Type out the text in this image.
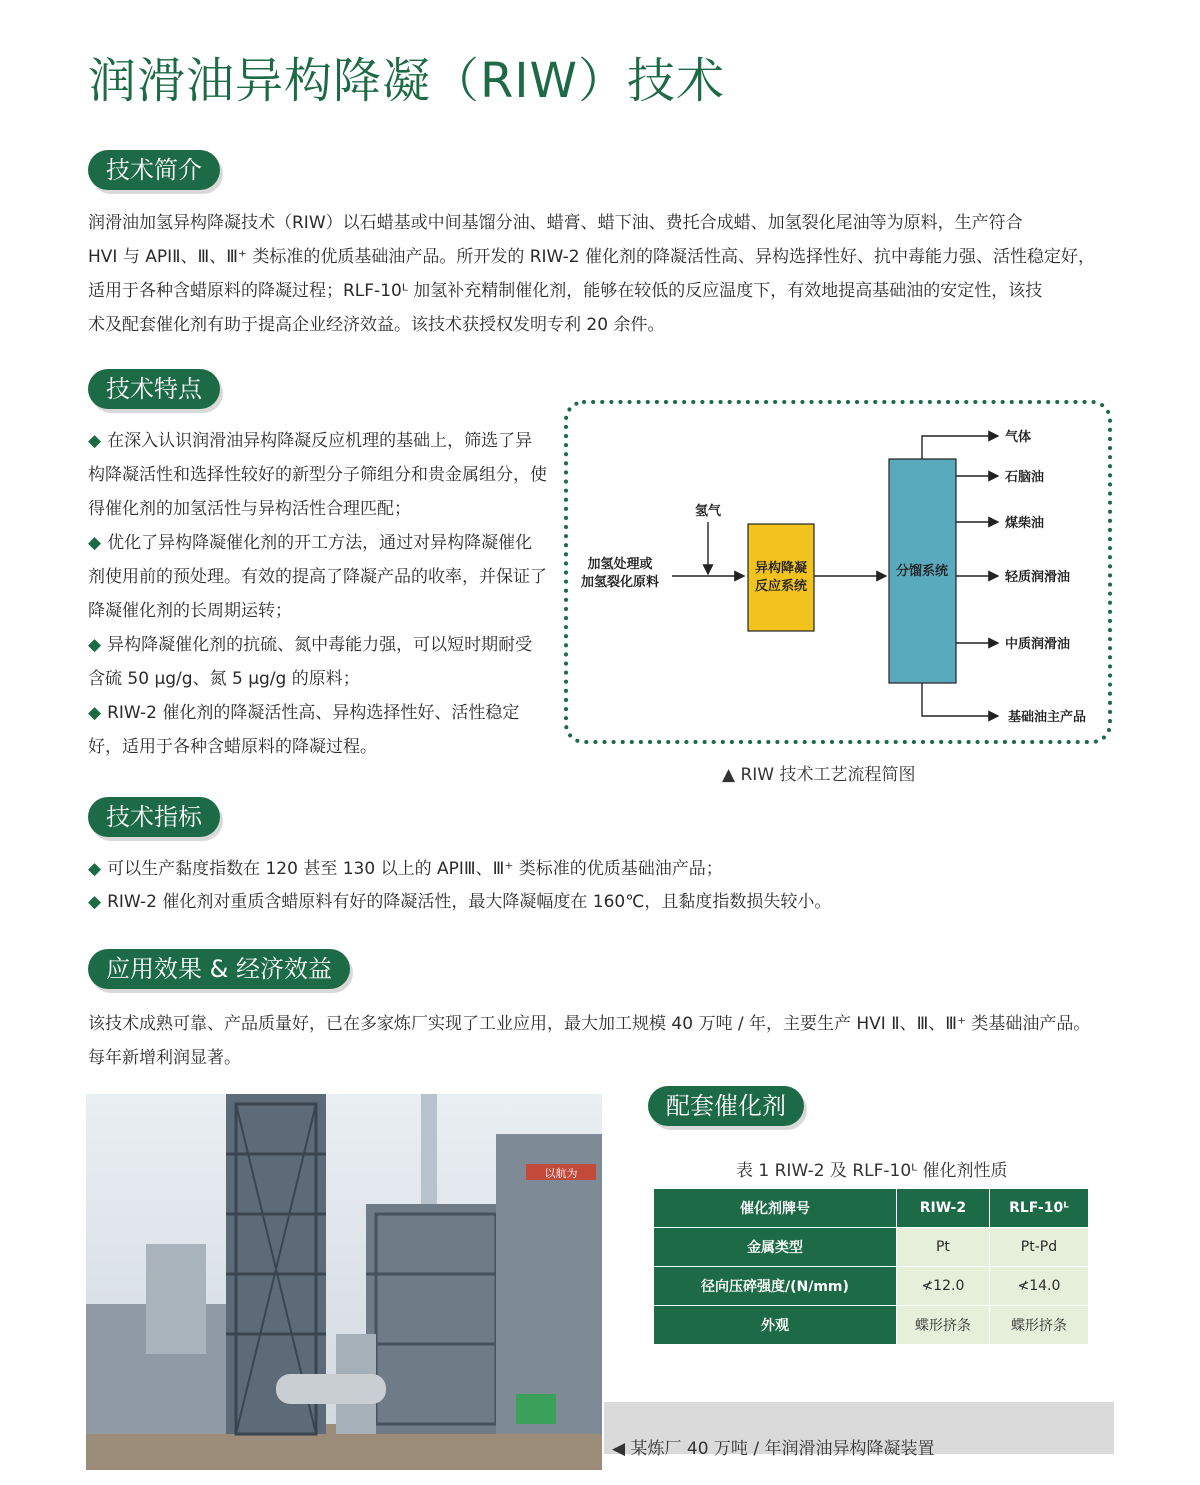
润滑油异构降凝（RIW）技术
技术简介

润滑油加氢异构降凝技术（RIW）以石蜡基或中间基馏分油、蜡膏、蜡下油、费托合成蜡、加氢裂化尾油等为原料，生产符合

HVI 与 APIⅡ、Ⅲ、Ⅲ⁺ 类标准的优质基础油产品。所开发的 RIW-2 催化剂的降凝活性高、异构选择性好、抗中毒能力强、活性稳定好，

适用于各种含蜡原料的降凝过程；RLF-10ᴸ 加氢补充精制催化剂，能够在较低的反应温度下，有效地提高基础油的安定性，该技

术及配套催化剂有助于提高企业经济效益。该技术获授权发明专利 20 余件。

技术特点

◆ 在深入认识润滑油异构降凝反应机理的基础上，筛选了异构降凝活性和选择性较好的新型分子筛组分和贵金属组分，使得催化剂的加氢活性与异构活性合理匹配；

◆ 优化了异构降凝催化剂的开工方法，通过对异构降凝催化剂使用前的预处理。有效的提高了降凝产品的收率，并保证了降凝催化剂的长周期运转；

◆ 异构降凝催化剂的抗硫、氮中毒能力强，可以短时期耐受含硫 50 μg/g、氮 5 μg/g 的原料；

◆ RIW-2 催化剂的降凝活性高、异构选择性好、活性稳定好，适用于各种含蜡原料的降凝过程。

加氢处理或
加氢裂化原料
氢气
异构降凝
反应系统
分馏系统
气体
石脑油
煤柴油
轻质润滑油
中质润滑油
基础油主产品
▲ RIW 技术工艺流程简图
技术指标

◆ 可以生产黏度指数在 120 甚至 130 以上的 APIⅢ、Ⅲ⁺ 类标准的优质基础油产品；

◆ RIW-2 催化剂对重质含蜡原料有好的降凝活性，最大降凝幅度在 160℃，且黏度指数损失较小。

应用效果 & 经济效益

该技术成熟可靠、产品质量好，已在多家炼厂实现了工业应用，最大加工规模 40 万吨 / 年，主要生产 HVI Ⅱ、Ⅲ、Ⅲ⁺ 类基础油产品。

每年新增利润显著。

以航为
◀ 某炼厂 40 万吨 / 年润滑油异构降凝装置
配套催化剂
表 1 RIW-2 及 RLF-10ᴸ 催化剂性质
催化剂牌号	RIW-2	RLF-10ᴸ
金属类型	Pt	Pt-Pd
径向压碎强度/(N/mm)	≮12.0	≮14.0
外观	蝶形挤条	蝶形挤条
